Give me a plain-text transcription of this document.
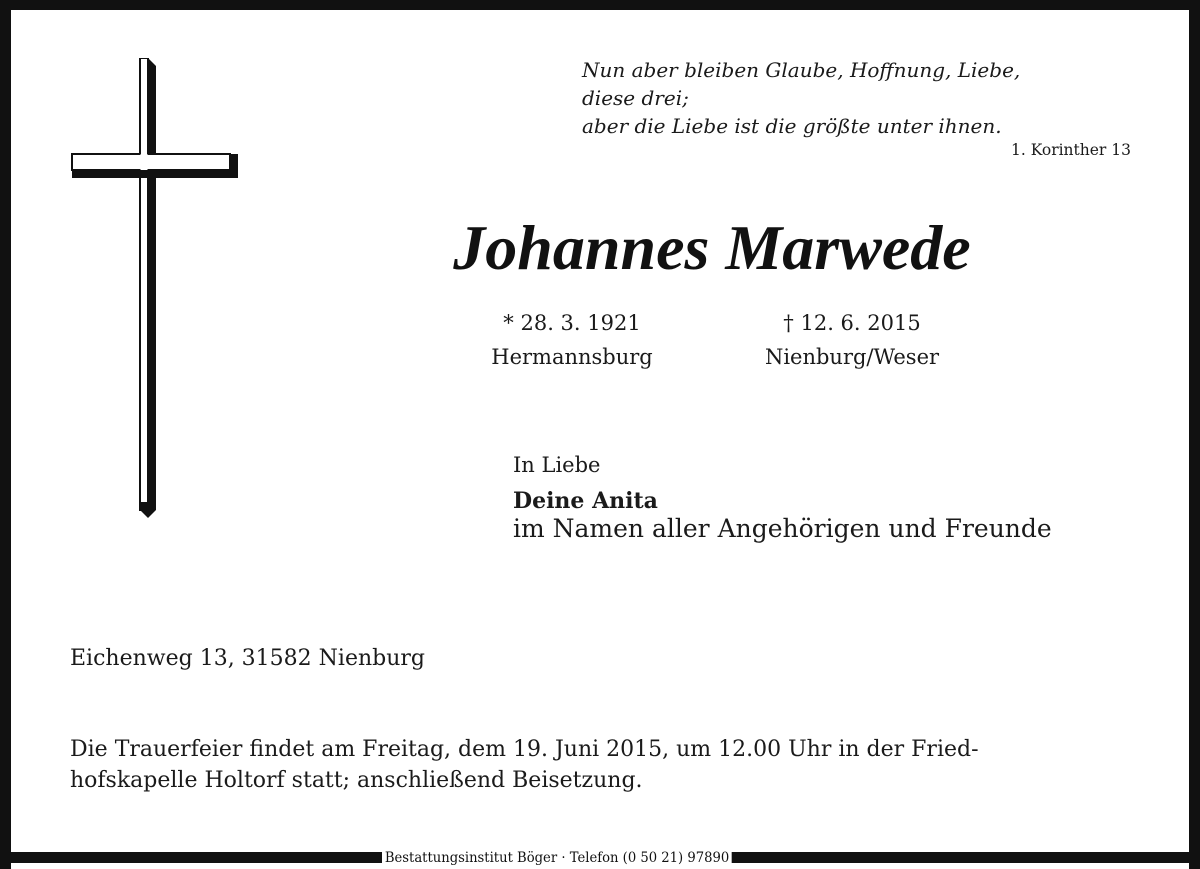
Nun aber bleiben Glaube, Hoffnung, Liebe,
diese drei;
aber die Liebe ist die größte unter ihnen.
1. Korinther 13
Johannes Marwede
* 28. 3. 1921
Hermannsburg
† 12. 6. 2015
Nienburg/Weser
In Liebe
Deine Anita
im Namen aller Angehörigen und Freunde
Eichenweg 13, 31582 Nienburg
Die Trauerfeier findet am Freitag, dem 19. Juni 2015, um 12.00 Uhr in der Fried-
hofskapelle Holtorf statt; anschließend Beisetzung.
Bestattungsinstitut Böger · Telefon (0 50 21) 97890
